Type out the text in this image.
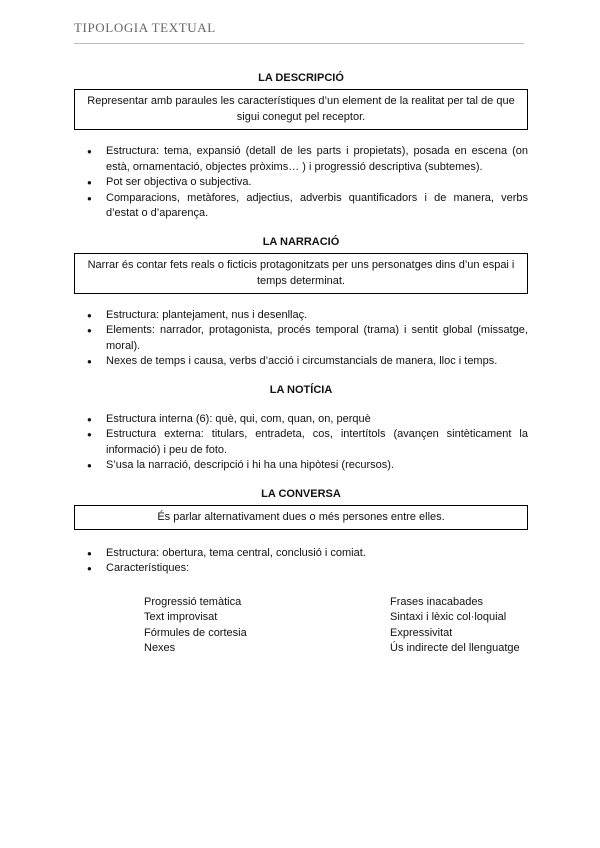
TIPOLOGIA TEXTUAL
LA DESCRIPCIÓ
Representar amb paraules les característiques d’un element de la realitat per tal de que sigui conegut pel receptor.
● Estructura: tema, expansió (detall de les parts i propietats), posada en escena (on està, ornamentació, objectes pròxims… ) i progressió descriptiva (subtemes).
● Pot ser objectiva o subjectiva.
● Comparacions, metàfores, adjectius, adverbis quantificadors i de manera, verbs d’estat o d’aparença.
LA NARRACIÓ
Narrar és contar fets reals o ficticis protagonitzats per uns personatges dins d’un espai i temps determinat.
● Estructura: plantejament, nus i desenllaç.
● Elements: narrador, protagonista, procés temporal (trama) i sentit global (missatge, moral).
● Nexes de temps i causa, verbs d’acció i circumstancials de manera, lloc i temps.
LA NOTÍCIA
● Estructura interna (6): què, qui, com, quan, on, perquè
● Estructura externa: titulars, entradeta, cos, intertítols (avançen sintèticament la informació) i peu de foto.
● S’usa la narració, descripció i hi ha una hipòtesi (recursos).
LA CONVERSA
És parlar alternativament dues o més persones entre elles.
● Estructura: obertura, tema central, conclusió i comiat.
● Característiques:
Progressió temàtica
Text improvisat
Fórmules de cortesia
Nexes
Frases inacabades
Sintaxi i lèxic col·loquial
Expressivitat
Ús indirecte del llenguatge
